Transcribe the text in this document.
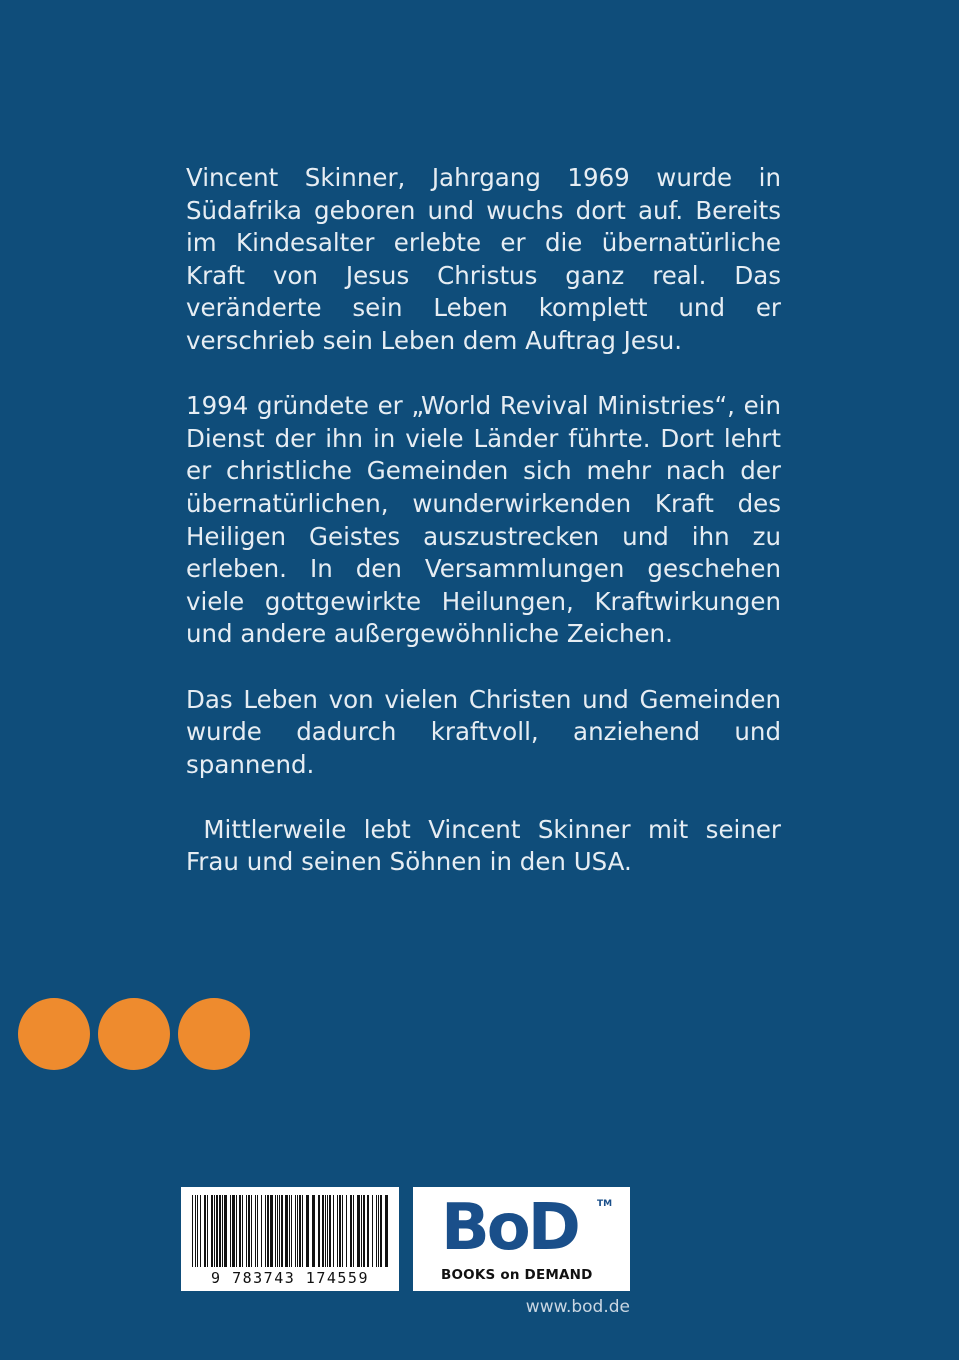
Vincent Skinner, Jahrgang 1969 wurde in Südafrika geboren und wuchs dort auf. Bereits im Kindesalter erlebte er die übernatürliche Kraft von Jesus Christus ganz real. Das veränderte sein Leben komplett und er verschrieb sein Leben dem Auftrag Jesu.

1994 gründete er „World Revival Ministries“, ein Dienst der ihn in viele Länder führte. Dort lehrt er christliche Gemeinden sich mehr nach der übernatürlichen, wunderwirkenden Kraft des Heiligen Geistes auszustrecken und ihn zu erleben. In den Versammlungen geschehen viele gottgewirkte Heilungen, Kraftwirkungen und andere außergewöhnliche Zeichen.

Das Leben von vielen Christen und Gemeinden wurde dadurch kraftvoll, anziehend und spannend.

Mittlerweile lebt Vincent Skinner mit seiner Frau und seinen Söhnen in den USA.

9 783743 174559
BoD TM
BOOKS on DEMAND
www.bod.de
